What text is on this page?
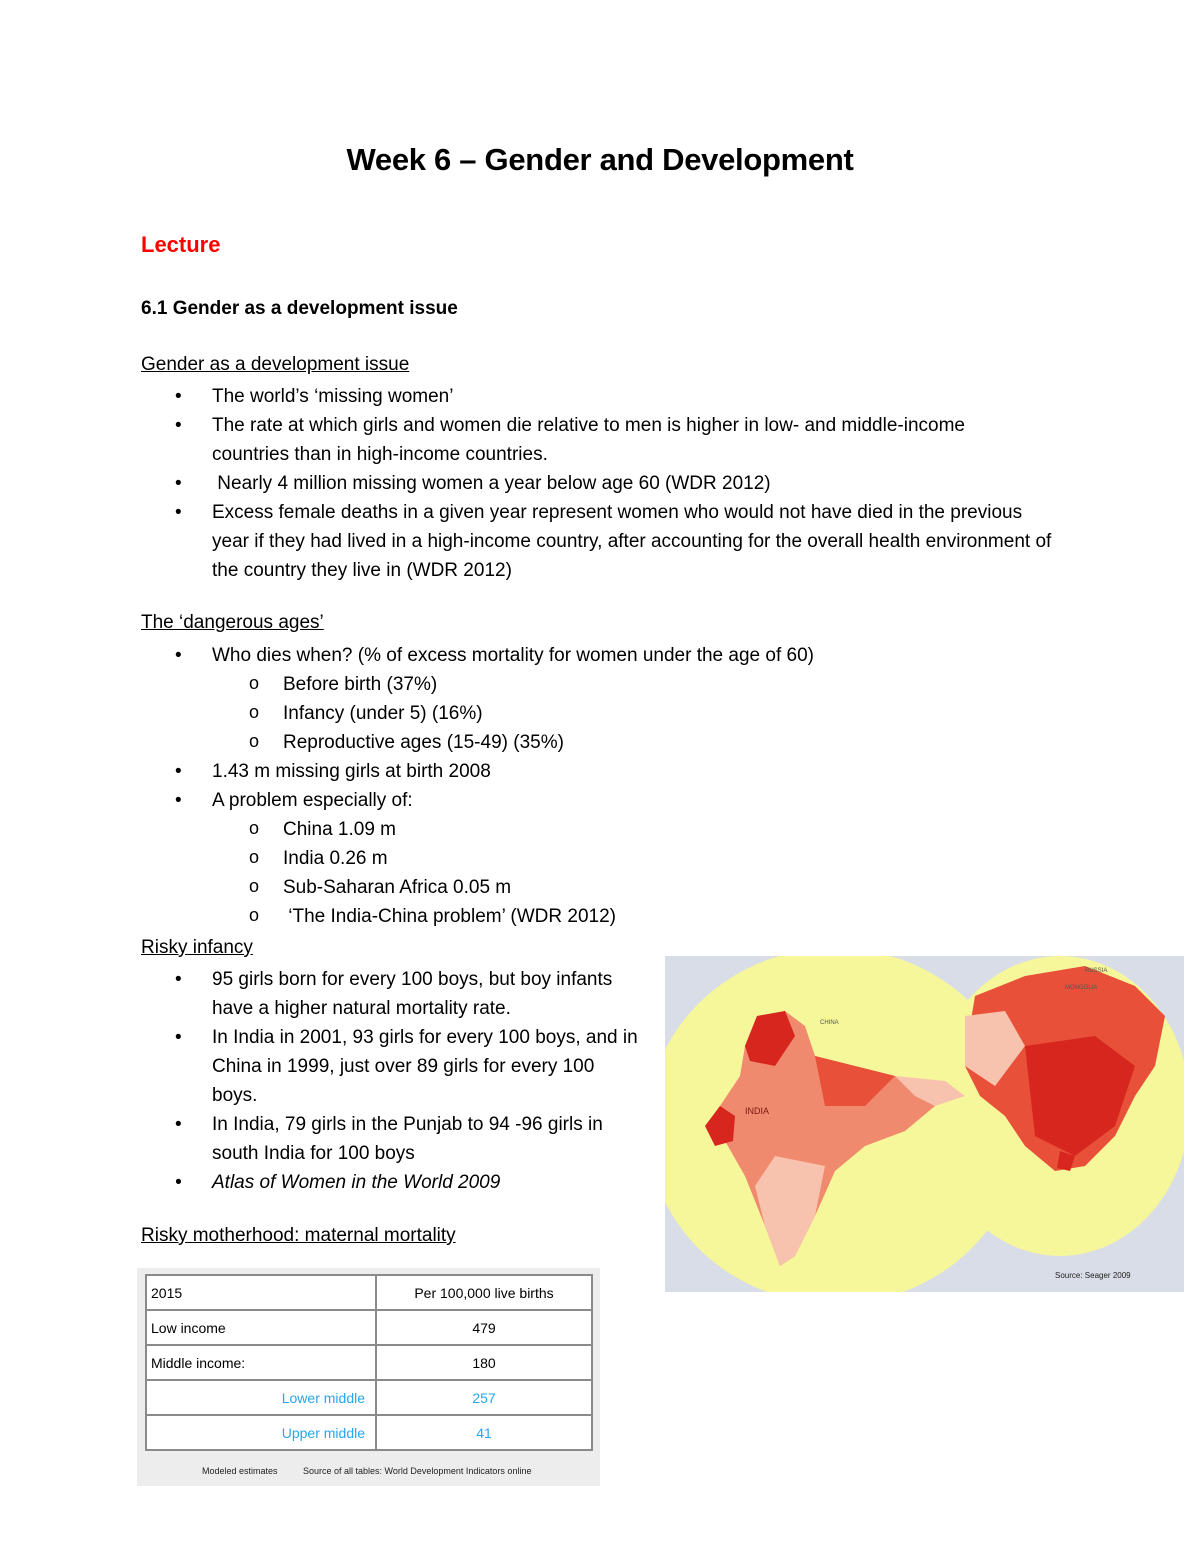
Week 6 – Gender and Development
Lecture
6.1 Gender as a development issue
Gender as a development issue
• The world’s ‘missing women’
• The rate at which girls and women die relative to men is higher in low- and middle-income countries than in high-income countries.
•  Nearly 4 million missing women a year below age 60 (WDR 2012)
• Excess female deaths in a given year represent women who would not have died in the previous year if they had lived in a high-income country, after accounting for the overall health environment of the country they live in (WDR 2012)
The ‘dangerous ages’
• Who dies when? (% of excess mortality for women under the age of 60)
o Before birth (37%)
o Infancy (under 5) (16%)
o Reproductive ages (15-49) (35%)
• 1.43 m missing girls at birth 2008
• A problem especially of:
o China 1.09 m
o India 0.26 m
o Sub-Saharan Africa 0.05 m
o  ‘The India-China problem’ (WDR 2012)
Risky infancy
• 95 girls born for every 100 boys, but boy infants have a higher natural mortality rate.
• In India in 2001, 93 girls for every 100 boys, and in China in 1999, just over 89 girls for every 100 boys.
• In India, 79 girls in the Punjab to 94 -96 girls in south India for 100 boys
• Atlas of Women in the World 2009
Risky motherhood: maternal mortality
2015	Per 100,000 live births
Low income	479
Middle income:	180
Lower middle	257
Upper middle	41
Modeled estimates	Source of all tables: World Development Indicators online
RUSSIA
MONGOLIA
CHINA
INDIA
Source: Seager 2009
